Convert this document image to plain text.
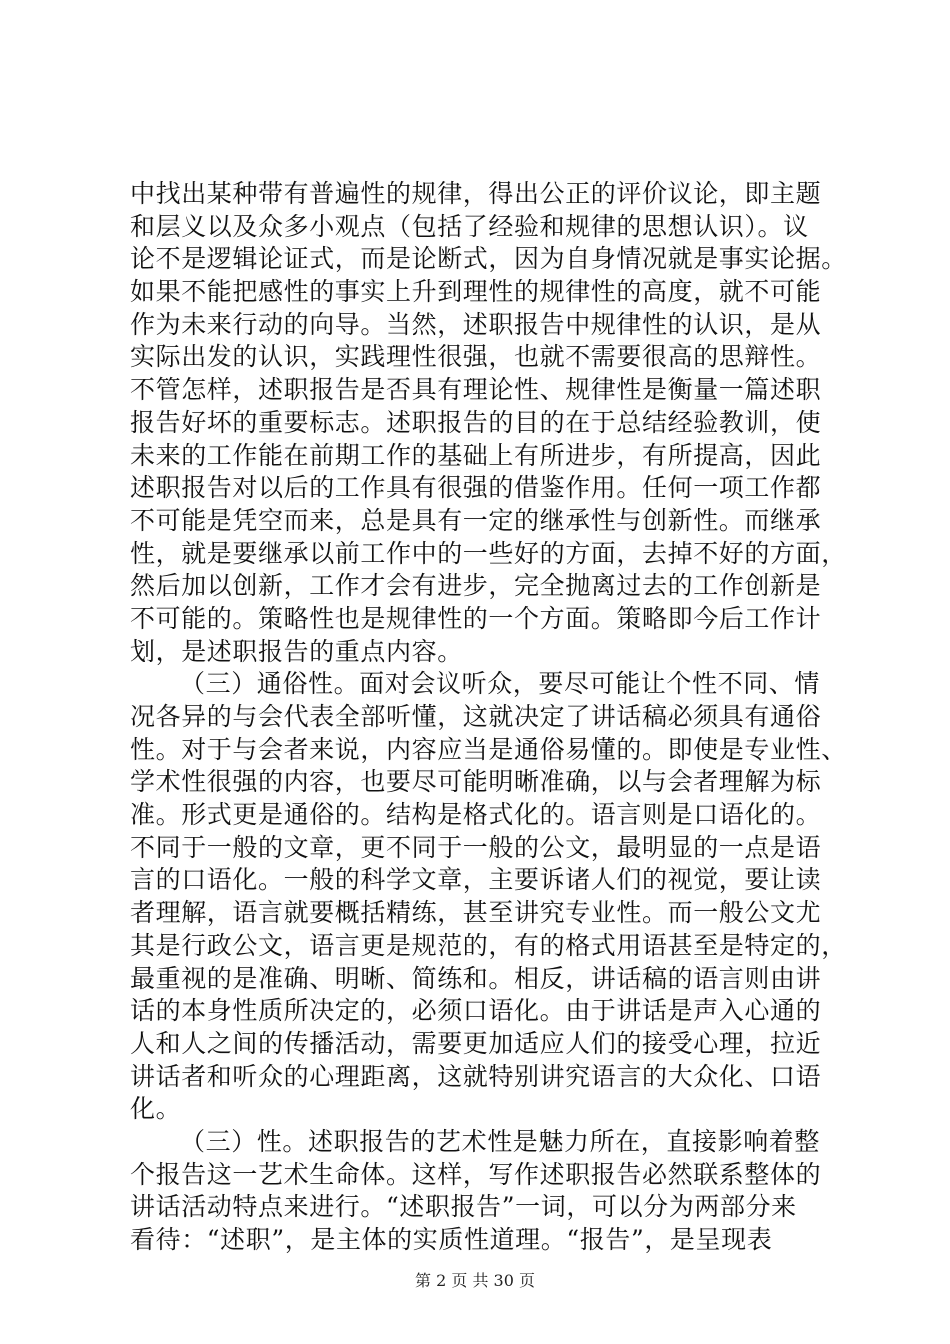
中找出某种带有普遍性的规律，得出公正的评价议论，即主题
和层义以及众多小观点（包括了经验和规律的思想认识）。议
论不是逻辑论证式，而是论断式，因为自身情况就是事实论据。
如果不能把感性的事实上升到理性的规律性的高度，就不可能
作为未来行动的向导。当然，述职报告中规律性的认识，是从
实际出发的认识，实践理性很强，也就不需要很高的思辩性。
不管怎样，述职报告是否具有理论性、规律性是衡量一篇述职
报告好坏的重要标志。述职报告的目的在于总结经验教训，使
未来的工作能在前期工作的基础上有所进步，有所提高，因此
述职报告对以后的工作具有很强的借鉴作用。任何一项工作都
不可能是凭空而来，总是具有一定的继承性与创新性。而继承
性，就是要继承以前工作中的一些好的方面，去掉不好的方面，
然后加以创新，工作才会有进步，完全抛离过去的工作创新是
不可能的。策略性也是规律性的一个方面。策略即今后工作计
划，是述职报告的重点内容。
（三）通俗性。面对会议听众，要尽可能让个性不同、情
况各异的与会代表全部听懂，这就决定了讲话稿必须具有通俗
性。对于与会者来说，内容应当是通俗易懂的。即使是专业性、
学术性很强的内容，也要尽可能明晰准确，以与会者理解为标
准。形式更是通俗的。结构是格式化的。语言则是口语化的。
不同于一般的文章，更不同于一般的公文，最明显的一点是语
言的口语化。一般的科学文章，主要诉诸人们的视觉，要让读
者理解，语言就要概括精练，甚至讲究专业性。而一般公文尤
其是行政公文，语言更是规范的，有的格式用语甚至是特定的，
最重视的是准确、明晰、简练和。相反，讲话稿的语言则由讲
话的本身性质所决定的，必须口语化。由于讲话是声入心通的
人和人之间的传播活动，需要更加适应人们的接受心理，拉近
讲话者和听众的心理距离，这就特别讲究语言的大众化、口语
化。
（三）性。述职报告的艺术性是魅力所在，直接影响着整
个报告这一艺术生命体。这样，写作述职报告必然联系整体的
讲话活动特点来进行。“述职报告”一词，可以分为两部分来
看待：“述职”，是主体的实质性道理。“报告”，是呈现表
第 2 页 共 30 页
